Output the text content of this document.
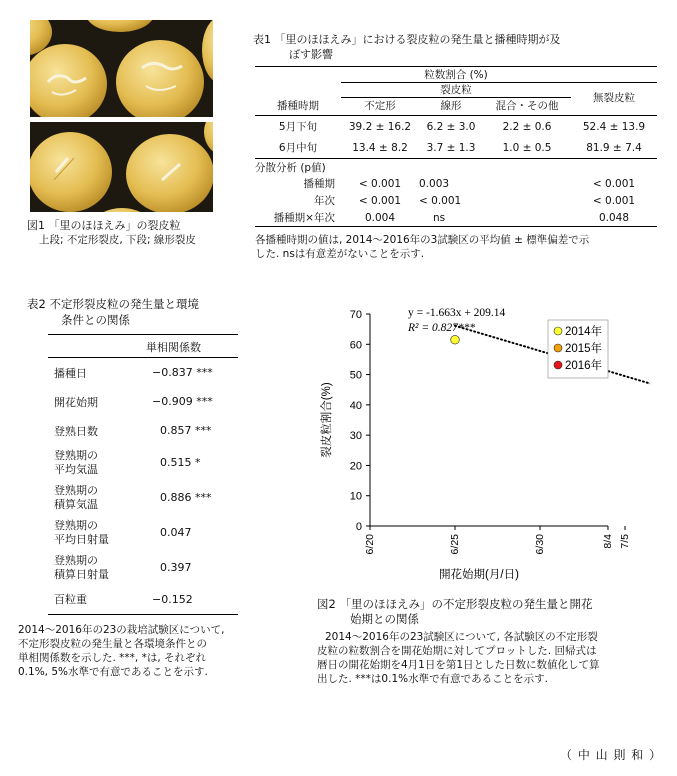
図1 「里のほほえみ」の裂皮粒
上段; 不定形裂皮, 下段; 線形裂皮
表1 「里のほほえみ」における裂皮粒の発生量と播種時期が及
ぼす影響
粒数割合 (%)
裂皮粒
播種時期	不定形	線形	混合・その他
無裂皮粒
5月下旬	39.2 ± 16.2	6.2 ± 3.0	2.2 ± 0.6	52.4 ± 13.9
6月中旬	13.4 ± 8.2	3.7 ± 1.3	1.0 ± 0.5	81.9 ± 7.4
分散分析 (p値)				
播種期	< 0.001	0.003		< 0.001
年次	< 0.001	< 0.001		< 0.001
播種期×年次	0.004	ns		0.048
各播種時期の値は, 2014～2016年の3試験区の平均値 ± 標準偏差で示
した. nsは有意差がないことを示す.
表2 不定形裂皮粒の発生量と環境
条件との関係
単相関係数
播種日	−0.837 ***

開花始期	−0.909 ***

登熟日数	0.857 ***

登熟期の
平均気温	0.515 *

登熟期の
積算気温	0.886 ***

登熟期の
平均日射量	0.047

登熟期の
積算日射量	0.397

百粒重	−0.152
2014～2016年の23の栽培試験区について,
不定形裂皮粒の発生量と各環境条件との
単相関係数を示した. ***, *は, それぞれ
0.1%, 5%水準で有意であることを示す.
0
10
20
30
40
50
60
70
6/20	6/25	6/30	7/5
8/4
開花始期(月/日)
裂皮粒割合(%)
y = -1.663x + 209.14
R² = 0.827***	2014年
2015年
2016年
図2 「里のほほえみ」の不定形裂皮粒の発生量と開花
始期との関係
2014～2016年の23試験区について, 各試験区の不定形裂
皮粒の粒数割合を開花始期に対してプロットした. 回帰式は
暦日の開花始期を4月1日を第1日とした日数に数値化して算
出した. ***は0.1%水準で有意であることを示す.
（ 中 山 則 和 ）
